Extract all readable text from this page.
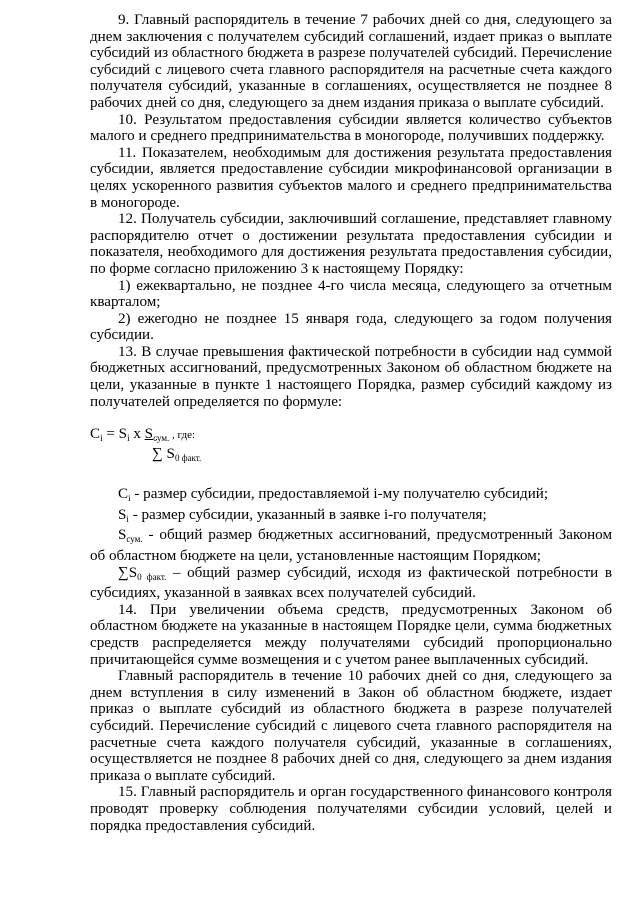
9. Главный распорядитель в течение 7 рабочих дней со дня, следующего за днем заключения с получателем субсидий соглашений, издает приказ о выплате субсидий из областного бюджета в разрезе получателей субсидий. Перечисление субсидий с лицевого счета главного распорядителя на расчетные счета каждого получателя субсидий, указанные в соглашениях, осуществляется не позднее 8 рабочих дней со дня, следующего за днем издания приказа о выплате субсидий.

10. Результатом предоставления субсидии является количество субъектов малого и среднего предпринимательства в моногороде, получивших поддержку.

11. Показателем, необходимым для достижения результата предоставления субсидии, является предоставление субсидии микрофинансовой организации в целях ускоренного развития субъектов малого и среднего предпринимательства в моногороде.

12. Получатель субсидии, заключивший соглашение, представляет главному распорядителю отчет о достижении результата предоставления субсидии и показателя, необходимого для достижения результата предоставления субсидии, по форме согласно приложению 3 к настоящему Порядку:

1) ежеквартально, не позднее 4-го числа месяца, следующего за отчетным кварталом;

2) ежегодно не позднее 15 января года, следующего за годом получения субсидии.

13. В случае превышения фактической потребности в субсидии над суммой бюджетных ассигнований, предусмотренных Законом об областном бюджете на цели, указанные в пункте 1 настоящего Порядка, размер субсидий каждому из получателей определяется по формуле:

$C_i = S_i$ x $S_{сум.}$ , где:
∑ $S_{0 факт.}$

$C_i$ - размер субсидии, предоставляемой i-му получателю субсидий;

$S_i$ - размер субсидии, указанный в заявке i-го получателя;

$S_{сум.}$ - общий размер бюджетных ассигнований, предусмотренный Законом об областном бюджете на цели, установленные настоящим Порядком;

$\sum S_{0 факт.}$ – общий размер субсидий, исходя из фактической потребности в субсидиях, указанной в заявках всех получателей субсидий.

14. При увеличении объема средств, предусмотренных Законом об областном бюджете на указанные в настоящем Порядке цели, сумма бюджетных средств распределяется между получателями субсидий пропорционально причитающейся сумме возмещения и с учетом ранее выплаченных субсидий.

Главный распорядитель в течение 10 рабочих дней со дня, следующего за днем вступления в силу изменений в Закон об областном бюджете, издает приказ о выплате субсидий из областного бюджета в разрезе получателей субсидий. Перечисление субсидий с лицевого счета главного распорядителя на расчетные счета каждого получателя субсидий, указанные в соглашениях, осуществляется не позднее 8 рабочих дней со дня, следующего за днем издания приказа о выплате субсидий.

15. Главный распорядитель и орган государственного финансового контроля проводят проверку соблюдения получателями субсидии условий, целей и порядка предоставления субсидий.
